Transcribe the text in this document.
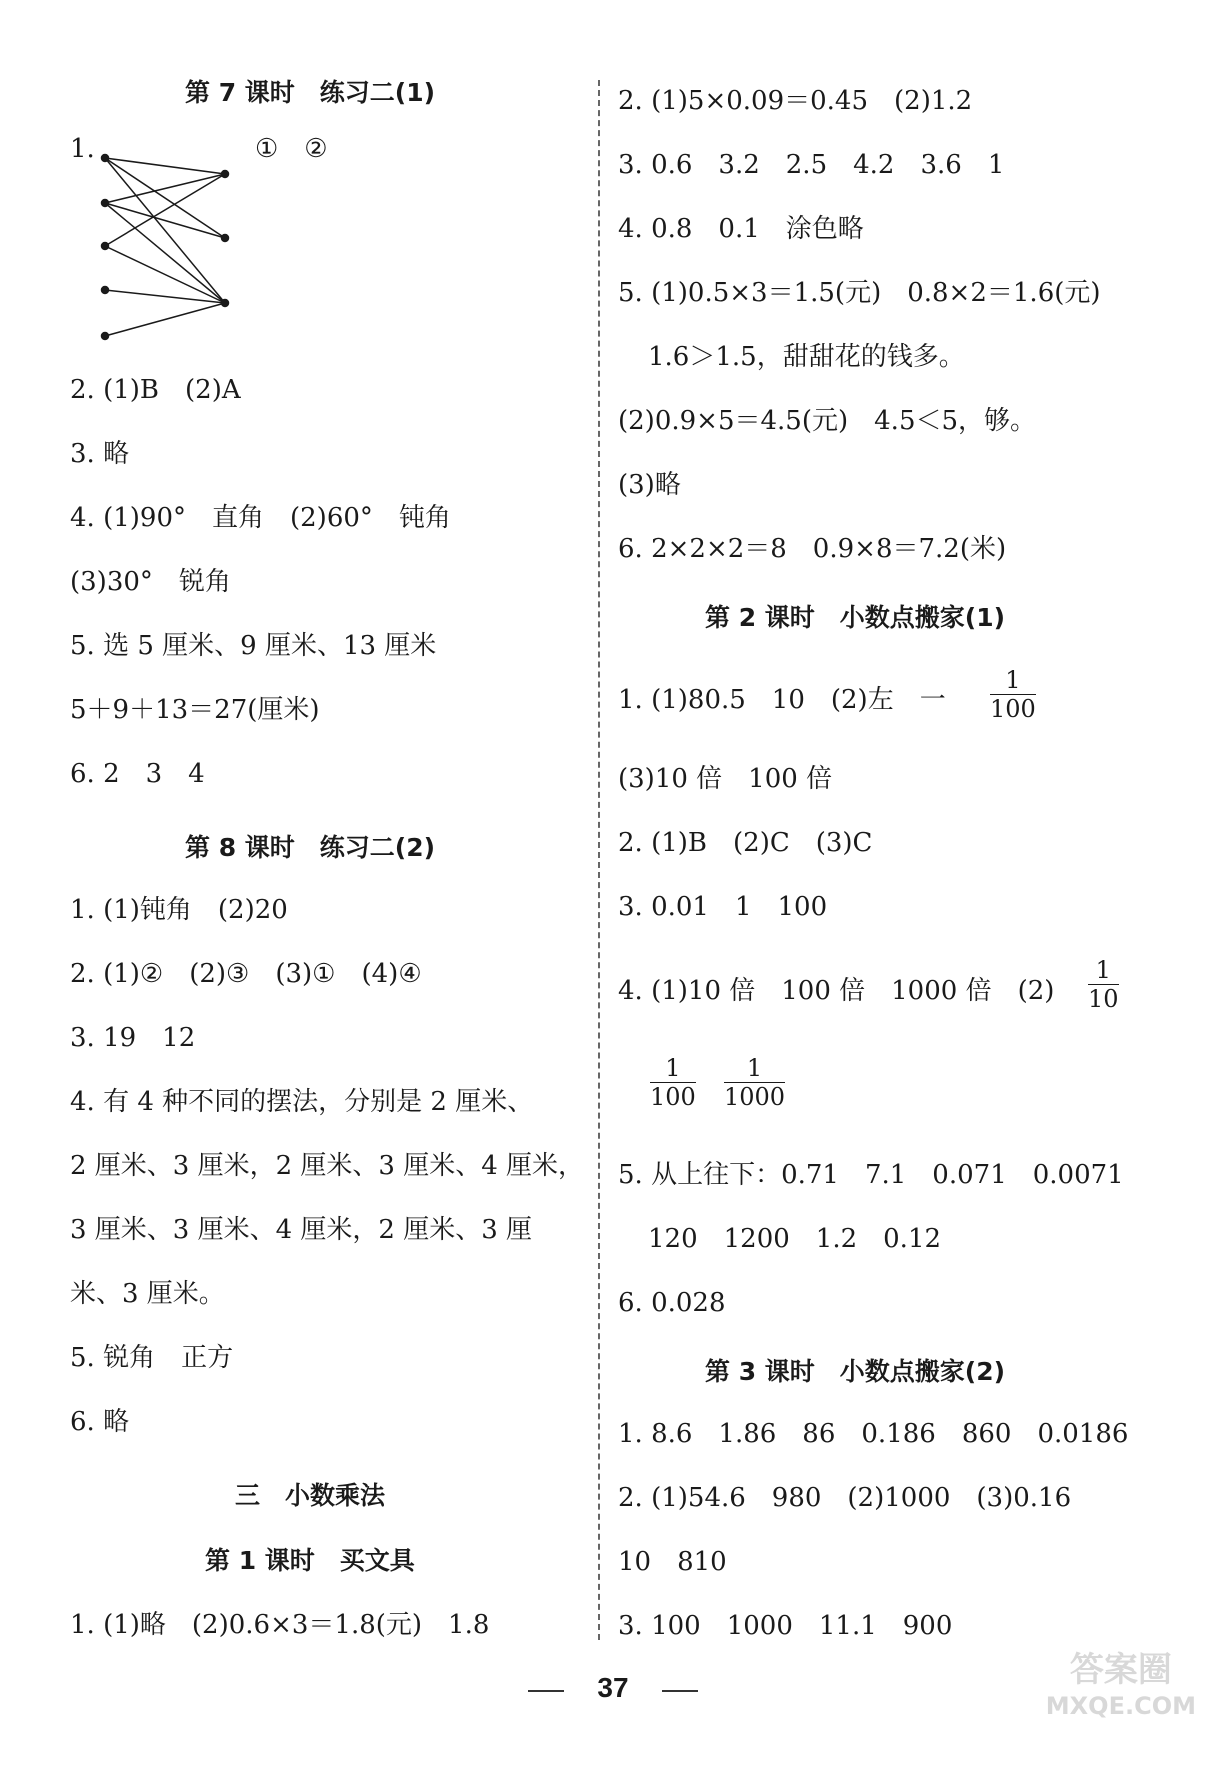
第 7 课时　练习二(1)
1.	①　②
2. (1)B　(2)A
3. 略
4. (1)90°　直角　(2)60°　钝角
(3)30°　锐角
5. 选 5 厘米、9 厘米、13 厘米
5＋9＋13＝27(厘米)
6. 2　3　4
第 8 课时　练习二(2)
1. (1)钝角　(2)20
2. (1)②　(2)③　(3)①　(4)④
3. 19　12
4. 有 4 种不同的摆法，分别是 2 厘米、
2 厘米、3 厘米，2 厘米、3 厘米、4 厘米，
3 厘米、3 厘米、4 厘米，2 厘米、3 厘
米、3 厘米。
5. 锐角　正方
6. 略
三　小数乘法
第 1 课时　买文具
1. (1)略　(2)0.6×3＝1.8(元)　1.8
2. (1)5×0.09＝0.45　(2)1.2
3. 0.6　3.2　2.5　4.2　3.6　1
4. 0.8　0.1　涂色略
5. (1)0.5×3＝1.5(元)　0.8×2＝1.6(元)
1.6＞1.5，甜甜花的钱多。
(2)0.9×5＝4.5(元)　4.5＜5，够。
(3)略
6. 2×2×2＝8　0.9×8＝7.2(米)
第 2 课时　小数点搬家(1)
1. (1)80.5　10　(2)左　一
1
100
(3)10 倍　100 倍
2. (1)B　(2)C　(3)C
3. 0.01　1　100
4. (1)10 倍　100 倍　1000 倍　(2)
1
10
1
100
1
1000
5. 从上往下：0.71　7.1　0.071　0.0071
120　1200　1.2　0.12
6. 0.028
第 3 课时　小数点搬家(2)
1. 8.6　1.86　86　0.186　860　0.0186
2. (1)54.6　980　(2)1000　(3)0.16
10　810
3. 100　1000　11.1　900
37	答案圈
MXQE.COM
